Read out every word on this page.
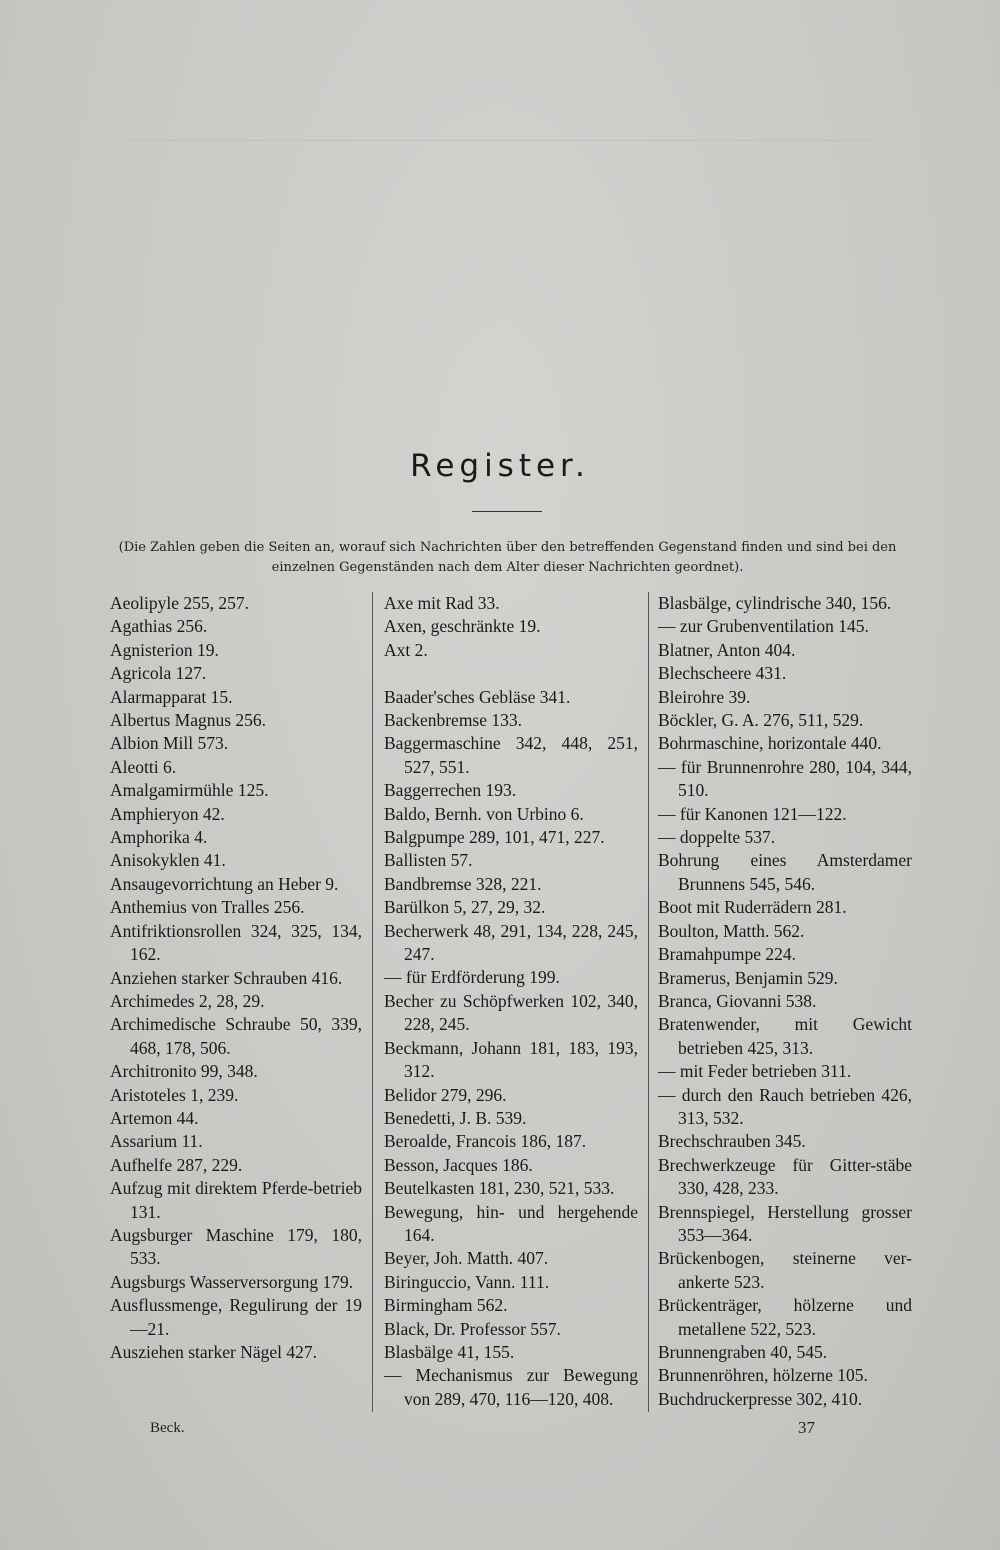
Register.
(Die Zahlen geben die Seiten an, worauf sich Nachrichten über den betreffenden Gegenstand finden und sind bei den einzelnen Gegenständen nach dem Alter dieser Nachrichten geordnet).
Aeolipyle 255, 257.
Agathias 256.
Agnisterion 19.
Agricola 127.
Alarmapparat 15.
Albertus Magnus 256.
Albion Mill 573.
Aleotti 6.
Amalgamirmühle 125.
Amphieryon 42.
Amphorika 4.
Anisokyklen 41.
Ansaugevorrichtung an Heber 9.
Anthemius von Tralles 256.
Antifriktionsrollen 324, 325, 134, 162.
Anziehen starker Schrauben 416.
Archimedes 2, 28, 29.
Archimedische Schraube 50, 339, 468, 178, 506.
Architronito 99, 348.
Aristoteles 1, 239.
Artemon 44.
Assarium 11.
Aufhelfe 287, 229.
Aufzug mit direktem Pferde-betrieb 131.
Augsburger Maschine 179, 180, 533.
Augsburgs Wasserversorgung 179.
Ausflussmenge, Regulirung der 19—21.
Ausziehen starker Nägel 427.
Axe mit Rad 33.
Axen, geschränkte 19.
Axt 2.
Baader'sches Gebläse 341.
Backenbremse 133.
Baggermaschine 342, 448, 251, 527, 551.
Baggerrechen 193.
Baldo, Bernh. von Urbino 6.
Balgpumpe 289, 101, 471, 227.
Ballisten 57.
Bandbremse 328, 221.
Barülkon 5, 27, 29, 32.
Becherwerk 48, 291, 134, 228, 245, 247.
— für Erdförderung 199.
Becher zu Schöpfwerken 102, 340, 228, 245.
Beckmann, Johann 181, 183, 193, 312.
Belidor 279, 296.
Benedetti, J. B. 539.
Beroalde, Francois 186, 187.
Besson, Jacques 186.
Beutelkasten 181, 230, 521, 533.
Bewegung, hin- und hergehende 164.
Beyer, Joh. Matth. 407.
Biringuccio, Vann. 111.
Birmingham 562.
Black, Dr. Professor 557.
Blasbälge 41, 155.
— Mechanismus zur Bewegung von 289, 470, 116—120, 408.
Blasbälge, cylindrische 340, 156.
— zur Grubenventilation 145.
Blatner, Anton 404.
Blechscheere 431.
Bleirohre 39.
Böckler, G. A. 276, 511, 529.
Bohrmaschine, horizontale 440.
— für Brunnenrohre 280, 104, 344, 510.
— für Kanonen 121—122.
— doppelte 537.
Bohrung eines Amsterdamer Brunnens 545, 546.
Boot mit Ruderrädern 281.
Boulton, Matth. 562.
Bramahpumpe 224.
Bramerus, Benjamin 529.
Branca, Giovanni 538.
Bratenwender, mit Gewicht betrieben 425, 313.
— mit Feder betrieben 311.
— durch den Rauch betrieben 426, 313, 532.
Brechschrauben 345.
Brechwerkzeuge für Gitter-stäbe 330, 428, 233.
Brennspiegel, Herstellung grosser 353—364.
Brückenbogen, steinerne ver-ankerte 523.
Brückenträger, hölzerne und metallene 522, 523.
Brunnengraben 40, 545.
Brunnenröhren, hölzerne 105.
Buchdruckerpresse 302, 410.
Beck.	37
